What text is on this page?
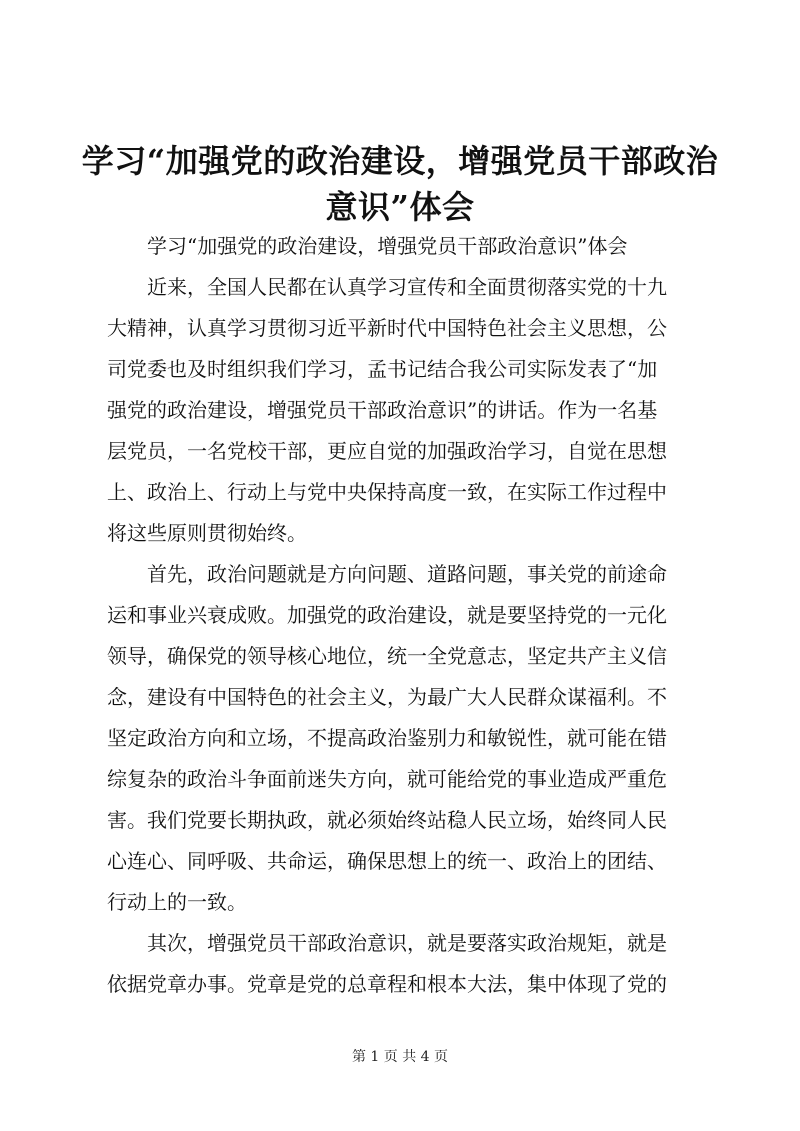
学习“加强党的政治建设，增强党员干部政治
意识”体会

学习“加强党的政治建设，增强党员干部政治意识”体会

近来，全国人民都在认真学习宣传和全面贯彻落实党的十九
大精神，认真学习贯彻习近平新时代中国特色社会主义思想，公
司党委也及时组织我们学习，孟书记结合我公司实际发表了“加
强党的政治建设，增强党员干部政治意识”的讲话。作为一名基
层党员，一名党校干部，更应自觉的加强政治学习，自觉在思想
上、政治上、行动上与党中央保持高度一致，在实际工作过程中
将这些原则贯彻始终。

首先，政治问题就是方向问题、道路问题，事关党的前途命
运和事业兴衰成败。加强党的政治建设，就是要坚持党的一元化
领导，确保党的领导核心地位，统一全党意志，坚定共产主义信
念，建设有中国特色的社会主义，为最广大人民群众谋福利。不
坚定政治方向和立场，不提高政治鉴别力和敏锐性，就可能在错
综复杂的政治斗争面前迷失方向，就可能给党的事业造成严重危
害。我们党要长期执政，就必须始终站稳人民立场，始终同人民
心连心、同呼吸、共命运，确保思想上的统一、政治上的团结、
行动上的一致。

其次，增强党员干部政治意识，就是要落实政治规矩，就是
依据党章办事。党章是党的总章程和根本大法，集中体现了党的

第 1 页 共 4 页
